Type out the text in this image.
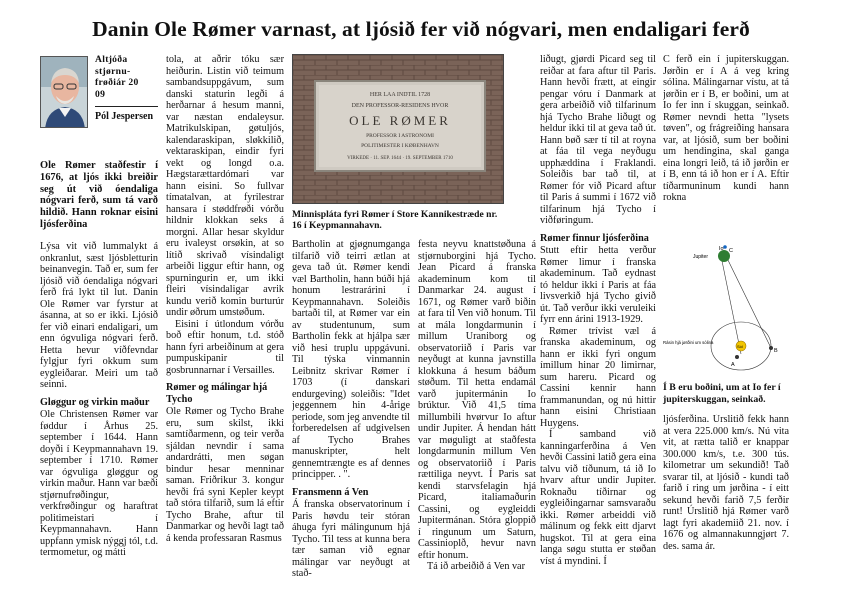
Danin Ole Rømer varnast, at ljósið fer við nógvari, men endaligari ferð
Altjóða
stjørnu-
frøðiár 20
09
Pól Jespersen
Ole Rømer staðfestir í 1676, at ljós ikki breiðir seg út við óendaliga nógvari ferð, sum tá varð hildið. Hann roknar eisini ljósferðina

Lýsa vit við lummalykt á onkranlut, sæst ljósbletturin beinanvegin. Tað er, sum fer ljósið við óendaliga nógvari ferð frá lykt til lut. Danin Ole Rømer var fyrstur at ásanna, at so er ikki. Ljósið fer við einari endaligari, um enn ógvuliga nógvari ferð. Hetta hevur víðfevndar fylgjur fyri okkum sum eygleiðarar. Meiri um tað seinni.

Gløggur og virkin maður

Ole Christensen Rømer var føddur í Århus 25. september í 1644. Hann doyði í Keypmannahavn 19. september í 1710. Rømer var ógvuliga gløggur og virkin maður. Hann var bæði stjørnufrøðingur, verkfrøðingur og haraftrat politimeistari í Keypmannahavn. Hann uppfann ymisk nýggj tól, t.d. termometur, og mátti

tola, at aðrir tóku sær heiðurin. Listin við teimum sambandsuppgávum, sum danski staturin legði á herðarnar á hesum manni, var næstan endaleysur. Matrikulskipan, gøtuljós, kalendaraskipan, sløkkilið, vektaraskipan, eindir fyri vekt og longd o.a. Hægstarættardómari var hann eisini. So fullvar tímatalvan, at fyrilestrar hansara í støddfrøði vórðu hildnir klokkan seks á morgni. Allar hesar skyldur eru ivaleyst orsøkin, at so lítið skrivað vísindaligt arbeiði liggur eftir hann, og spurningurin er, um ikki fleiri vísindaligar avrik kundu verið komin burturúr undir øðrum umstøðum.

Eisini í útlondum vórðu boð eftir honum, t.d. stóð hann fyri arbeiðinum at gera pumpuskipanir til gosbrunnarnar í Versailles.

Rømer og málingar hjá Tycho

Ole Rømer og Tycho Brahe eru, sum skilst, ikki samtíðarmenn, og teir verða sjáldan nevndir í sama andardrátti, men søgan bindur hesar menninar saman. Friðrikur 3. kongur hevði frá syni Kepler keypt tað stóra tilfarið, sum lá eftir Tycho Brahe, aftur til Danmarkar og hevði lagt tað á kenda professaran Rasmus

HER LAA INDTIL 1728
DEN PROFESSOR-RESIDENS HVOR
OLE RØMER
PROFESSOR I ASTRONOMI
POLITIMESTER I KØBENHAVN
VIRKEDE · 11. SEP. 1644 · 19. SEPTEMBER 1710
Minnisplátа fyri Rømer í Store Kannikestræde nr. 16 í Keypmannahavn.

Bartholin at gjøgnumganga tilfarið við teirri ætlan at geva tað út. Rømer kendi væl Bartholin, hann búði hjá honum lestrarárini í Keypmannahavn. Soleiðis bartaði til, at Rømer var ein av studentunum, sum Bartholin fekk at hjálpa sær við hesi truplu uppgávuni. Til týska vinmannin Leibnitz skrivar Rømer í 1703 (í danskari endurgeving) soleiðis: "Idet jeggennem hin 4-årige periode, som jeg anvendte til forberedelsen af udgivelsen af Tycho Brahes manuskripter, helt gennemtrængte es af dennes principper. . ".

Fransmenn á Ven

Á franska observatorinum í Paris høvdu teir stóran áhuga fyri málingunum hjá Tycho. Til tess at kunna bera tær saman við egnar málingar var neyðugt at stað-

festa neyvu knattstøðuna á stjørnuborgini hjá Tycho. Jean Picard á franska akademinum kom til Danmarkar 24. august í 1671, og Rømer varð biðin at fara til Ven við honum. Til at mála longdarmunin í millum Uraniborg og observatoriið í Paris var neyðugt at kunna javnstilla klokkuna á hesum báðum støðum. Til hetta endamál varð jupitermánin Io brúktur. Við 41,5 tíma millumbili hvørvur Io aftur undir Jupiter. Á hendan hátt var møguligt at staðfesta longdarmunin millum Ven og observatoriið í Paris rættiliga neyvt. Í Paris sat kendi starvsfelagin hjá Picard, italiamaðurin Cassini, og eygleiddi Jupitermánan. Stóra gloppið í ringunum um Saturn, Cassinioplð, hevur navn eftir honum.

Tá ið arbeiðið á Ven var

liðugt, gjørdi Picard seg til reiðar at fara aftur til Paris. Hann hevði frætt, at eingir pengar vóru í Danmark at gera arbeiðið við tilfarinum hjá Tycho Brahe liðugt og heldur ikki til at geva tað út. Hann bøð sær tí til at royna at fáa til vega neyðugu upphæddina í Fraklandi. Soleiðis bar tað til, at Rømer fór við Picard aftur til Paris á summi í 1672 við tilfarinum hjá Tycho í viðføringum.

Rømer finnur ljósferðina

Stutt eftir hetta verður Rømer limur í franska akademinum. Tað eydnast tó heldur ikki í Paris at fáa livsverkið hjá Tycho givið út. Tað verður ikki veruleiki fyrr enn árini 1913-1929.

Rømer trívist væl á franska akademinum, og hann er ikki fyri ongum ímillum hinar 20 limirnar, sum hareru. Picard og Cassini kennir hann frammanundan, og nú hittir hann eisini Christiaan Huygens.

Í samband við kanningarferðina á Ven hevði Cassini latið gera eina talvu við tíðunum, tá ið Io hvarv aftur undir Jupiter. Roknaðu tíðirnar og eygleiðingarnar samsvaraðu ikki. Rømer arbeiddi við málinum og fekk eitt djarvt hugskot. Til at gera eina langa søgu stutta er støðan víst á myndini. Í

C ferð ein í jupiterskuggan. Jørðin er í A á veg kring sólina. Málingarnar vístu, at tá jørðin er í B, er boðini, um at Io fer inn í skuggan, seinkað. Rømer nevndi hetta "lysets tøven", og frágreiðing hansara var, at ljósið, sum ber boðini um hendingina, skal ganga eina longri leið, tá ið jørðin er í B, enn tá ið hon er í A. Eftir tíðarmuninum kundi hann rokna

Io C
Jupiter
Rásin hjá jørðini um sólina
Sól
A
B
Í B eru boðini, um at Io fer í jupiterskuggan, seinkað.

ljósferðina. Úrslitið fekk hann at vera 225.000 km/s. Nú vita vit, at rætta talið er knappar 300.000 km/s, t.e. 300 tús. kilometrar um sekundið! Tað svarar til, at ljósið - kundi tað farið í ring um jørðina - í eitt sekund hevði farið 7,5 ferðir runt! Úrslitið hjá Rømer varð lagt fyri akademiið 21. nov. í 1676 og almannakunngjørt 7. des. sama ár.
